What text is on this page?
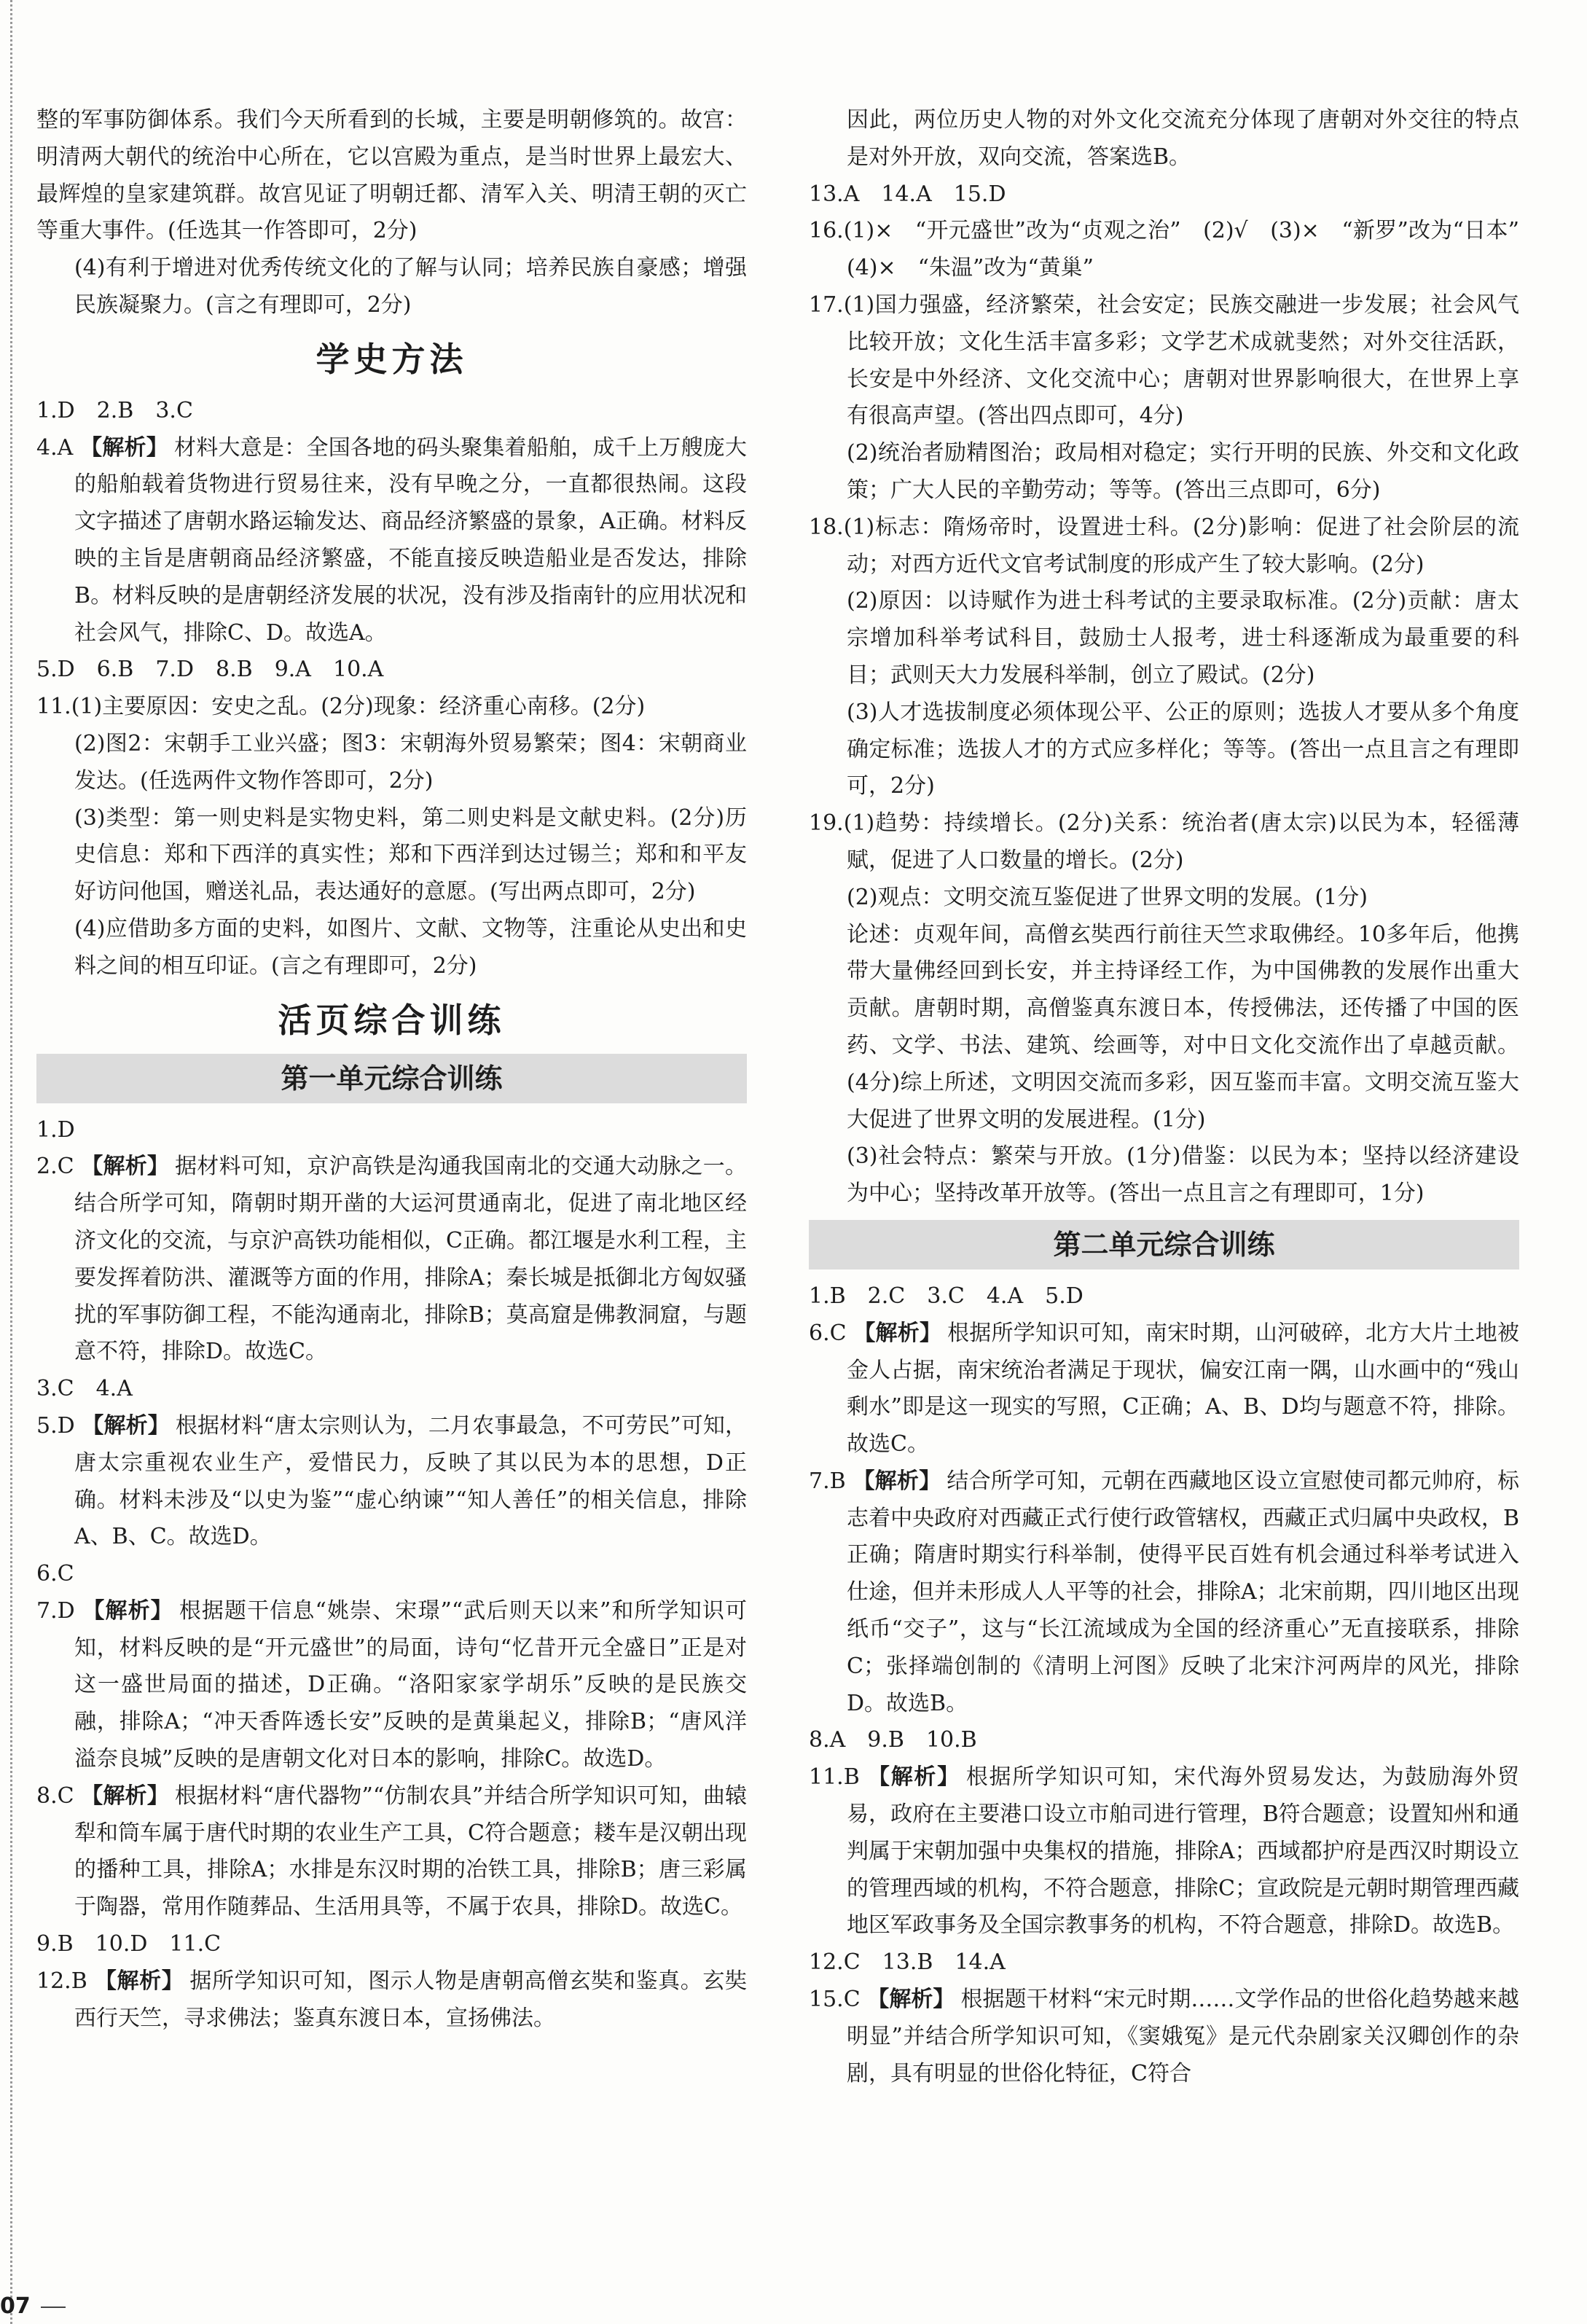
整的军事防御体系。我们今天所看到的长城，主要是明朝修筑的。故宫：明清两大朝代的统治中心所在，它以宫殿为重点，是当时世界上最宏大、最辉煌的皇家建筑群。故宫见证了明朝迁都、清军入关、明清王朝的灭亡等重大事件。(任选其一作答即可，2分)

(4)有利于增进对优秀传统文化的了解与认同；培养民族自豪感；增强民族凝聚力。(言之有理即可，2分)

学史方法

1.D　2.B　3.C

4.A 【解析】 材料大意是：全国各地的码头聚集着船舶，成千上万艘庞大的船舶载着货物进行贸易往来，没有早晚之分，一直都很热闹。这段文字描述了唐朝水路运输发达、商品经济繁盛的景象，A正确。材料反映的主旨是唐朝商品经济繁盛，不能直接反映造船业是否发达，排除B。材料反映的是唐朝经济发展的状况，没有涉及指南针的应用状况和社会风气，排除C、D。故选A。

5.D　6.B　7.D　8.B　9.A　10.A

11.(1)主要原因：安史之乱。(2分)现象：经济重心南移。(2分)

(2)图2：宋朝手工业兴盛；图3：宋朝海外贸易繁荣；图4：宋朝商业发达。(任选两件文物作答即可，2分)

(3)类型：第一则史料是实物史料，第二则史料是文献史料。(2分)历史信息：郑和下西洋的真实性；郑和下西洋到达过锡兰；郑和和平友好访问他国，赠送礼品，表达通好的意愿。(写出两点即可，2分)

(4)应借助多方面的史料，如图片、文献、文物等，注重论从史出和史料之间的相互印证。(言之有理即可，2分)

活页综合训练
第一单元综合训练

1.D

2.C 【解析】 据材料可知，京沪高铁是沟通我国南北的交通大动脉之一。结合所学可知，隋朝时期开凿的大运河贯通南北，促进了南北地区经济文化的交流，与京沪高铁功能相似，C正确。都江堰是水利工程，主要发挥着防洪、灌溉等方面的作用，排除A；秦长城是抵御北方匈奴骚扰的军事防御工程，不能沟通南北，排除B；莫高窟是佛教洞窟，与题意不符，排除D。故选C。

3.C　4.A

5.D 【解析】 根据材料“唐太宗则认为，二月农事最急，不可劳民”可知，唐太宗重视农业生产，爱惜民力，反映了其以民为本的思想，D正确。材料未涉及“以史为鉴”“虚心纳谏”“知人善任”的相关信息，排除A、B、C。故选D。

6.C

7.D 【解析】 根据题干信息“姚崇、宋璟”“武后则天以来”和所学知识可知，材料反映的是“开元盛世”的局面，诗句“忆昔开元全盛日”正是对这一盛世局面的描述，D正确。“洛阳家家学胡乐”反映的是民族交融，排除A；“冲天香阵透长安”反映的是黄巢起义，排除B；“唐风洋溢奈良城”反映的是唐朝文化对日本的影响，排除C。故选D。

8.C 【解析】 根据材料“唐代器物”“仿制农具”并结合所学知识可知，曲辕犁和筒车属于唐代时期的农业生产工具，C符合题意；耧车是汉朝出现的播种工具，排除A；水排是东汉时期的冶铁工具，排除B；唐三彩属于陶器，常用作随葬品、生活用具等，不属于农具，排除D。故选C。

9.B　10.D　11.C

12.B 【解析】 据所学知识可知，图示人物是唐朝高僧玄奘和鉴真。玄奘西行天竺，寻求佛法；鉴真东渡日本，宣扬佛法。

因此，两位历史人物的对外文化交流充分体现了唐朝对外交往的特点是对外开放，双向交流，答案选B。

13.A　14.A　15.D

16.(1)×　“开元盛世”改为“贞观之治”　(2)√　(3)×　“新罗”改为“日本”　(4)×　“朱温”改为“黄巢”

17.(1)国力强盛，经济繁荣，社会安定；民族交融进一步发展；社会风气比较开放；文化生活丰富多彩；文学艺术成就斐然；对外交往活跃，长安是中外经济、文化交流中心；唐朝对世界影响很大，在世界上享有很高声望。(答出四点即可，4分)

(2)统治者励精图治；政局相对稳定；实行开明的民族、外交和文化政策；广大人民的辛勤劳动；等等。(答出三点即可，6分)

18.(1)标志：隋炀帝时，设置进士科。(2分)影响：促进了社会阶层的流动；对西方近代文官考试制度的形成产生了较大影响。(2分)

(2)原因：以诗赋作为进士科考试的主要录取标准。(2分)贡献：唐太宗增加科举考试科目，鼓励士人报考，进士科逐渐成为最重要的科目；武则天大力发展科举制，创立了殿试。(2分)

(3)人才选拔制度必须体现公平、公正的原则；选拔人才要从多个角度确定标准；选拔人才的方式应多样化；等等。(答出一点且言之有理即可，2分)

19.(1)趋势：持续增长。(2分)关系：统治者(唐太宗)以民为本，轻徭薄赋，促进了人口数量的增长。(2分)

(2)观点：文明交流互鉴促进了世界文明的发展。(1分)

论述：贞观年间，高僧玄奘西行前往天竺求取佛经。10多年后，他携带大量佛经回到长安，并主持译经工作，为中国佛教的发展作出重大贡献。唐朝时期，高僧鉴真东渡日本，传授佛法，还传播了中国的医药、文学、书法、建筑、绘画等，对中日文化交流作出了卓越贡献。(4分)综上所述，文明因交流而多彩，因互鉴而丰富。文明交流互鉴大大促进了世界文明的发展进程。(1分)

(3)社会特点：繁荣与开放。(1分)借鉴：以民为本；坚持以经济建设为中心；坚持改革开放等。(答出一点且言之有理即可，1分)

第二单元综合训练

1.B　2.C　3.C　4.A　5.D

6.C 【解析】 根据所学知识可知，南宋时期，山河破碎，北方大片土地被金人占据，南宋统治者满足于现状，偏安江南一隅，山水画中的“残山剩水”即是这一现实的写照，C正确；A、B、D均与题意不符，排除。故选C。

7.B 【解析】 结合所学可知，元朝在西藏地区设立宣慰使司都元帅府，标志着中央政府对西藏正式行使行政管辖权，西藏正式归属中央政权，B正确；隋唐时期实行科举制，使得平民百姓有机会通过科举考试进入仕途，但并未形成人人平等的社会，排除A；北宋前期，四川地区出现纸币“交子”，这与“长江流域成为全国的经济重心”无直接联系，排除C；张择端创制的《清明上河图》反映了北宋汴河两岸的风光，排除D。故选B。

8.A　9.B　10.B

11.B 【解析】 根据所学知识可知，宋代海外贸易发达，为鼓励海外贸易，政府在主要港口设立市舶司进行管理，B符合题意；设置知州和通判属于宋朝加强中央集权的措施，排除A；西域都护府是西汉时期设立的管理西域的机构，不符合题意，排除C；宣政院是元朝时期管理西藏地区军政事务及全国宗教事务的机构，不符合题意，排除D。故选B。

12.C　13.B　14.A

15.C 【解析】 根据题干材料“宋元时期……文学作品的世俗化趋势越来越明显”并结合所学知识可知，《窦娥冤》是元代杂剧家关汉卿创作的杂剧，具有明显的世俗化特征，C符合

07
